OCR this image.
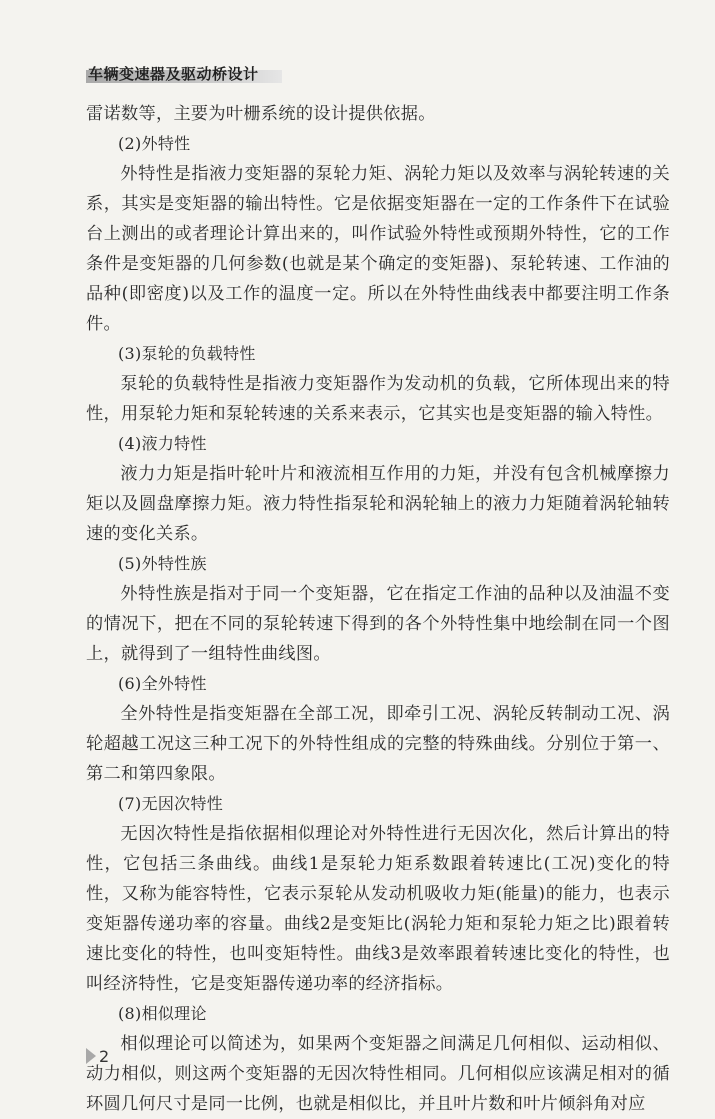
车辆变速器及驱动桥设计

雷诺数等，主要为叶栅系统的设计提供依据。

(2)外特性

外特性是指液力变矩器的泵轮力矩、涡轮力矩以及效率与涡轮转速的关系，其实是变矩器的输出特性。它是依据变矩器在一定的工作条件下在试验台上测出的或者理论计算出来的，叫作试验外特性或预期外特性，它的工作条件是变矩器的几何参数(也就是某个确定的变矩器)、泵轮转速、工作油的品种(即密度)以及工作的温度一定。所以在外特性曲线表中都要注明工作条件。

(3)泵轮的负载特性

泵轮的负载特性是指液力变矩器作为发动机的负载，它所体现出来的特性，用泵轮力矩和泵轮转速的关系来表示，它其实也是变矩器的输入特性。

(4)液力特性

液力力矩是指叶轮叶片和液流相互作用的力矩，并没有包含机械摩擦力矩以及圆盘摩擦力矩。液力特性指泵轮和涡轮轴上的液力力矩随着涡轮轴转速的变化关系。

(5)外特性族

外特性族是指对于同一个变矩器，它在指定工作油的品种以及油温不变的情况下，把在不同的泵轮转速下得到的各个外特性集中地绘制在同一个图上，就得到了一组特性曲线图。

(6)全外特性

全外特性是指变矩器在全部工况，即牵引工况、涡轮反转制动工况、涡轮超越工况这三种工况下的外特性组成的完整的特殊曲线。分别位于第一、第二和第四象限。

(7)无因次特性

无因次特性是指依据相似理论对外特性进行无因次化，然后计算出的特性，它包括三条曲线。曲线1是泵轮力矩系数跟着转速比(工况)变化的特性，又称为能容特性，它表示泵轮从发动机吸收力矩(能量)的能力，也表示变矩器传递功率的容量。曲线2是变矩比(涡轮力矩和泵轮力矩之比)跟着转速比变化的特性，也叫变矩特性。曲线3是效率跟着转速比变化的特性，也叫经济特性，它是变矩器传递功率的经济指标。

(8)相似理论

相似理论可以简述为，如果两个变矩器之间满足几何相似、运动相似、动力相似，则这两个变矩器的无因次特性相同。几何相似应该满足相对的循环圆几何尺寸是同一比例，也就是相似比，并且叶片数和叶片倾斜角对应

2
